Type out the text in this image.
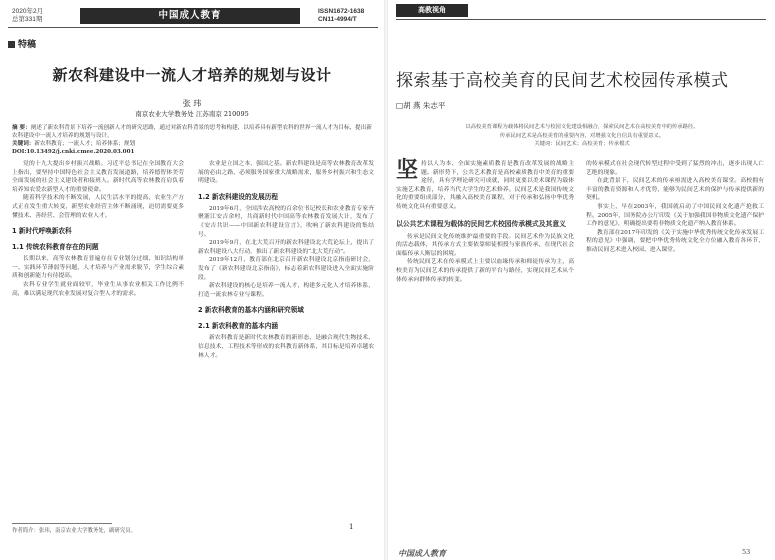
2020年2月
总第331期	中国成人教育	ISSN1672-1638
CN11-4994/T
特稿
新农科建设中一流人才培养的规划与设计
张 玮
南京农业大学教务处 江苏南京 210095
摘 要：阐述了新农科背景下培养一流创新人才的研究思路，通过对新农科背景的思考和构建，以培养具有新型农科的世界一流人才为目标，提出新农科建设中一流人才培养的规划与设计。
关键词：新农科教育；一流人才；培养体系；规划
DOI:10.13492/j.cnki.cmee.2020.03.001

党的十九大提出乡村振兴战略。习近平总书记在全国教育大会上指出，要坚持中国特色社会主义教育发展道路，培养德智体美劳全面发展的社会主义建设者和接班人。新时代高等农林教育肩负着培养知农爱农新型人才的重要使命。

随着科学技术的不断发展，人民生活水平的提高，农业生产方式正在发生重大转变，新型农业经营主体不断涌现，迫切需要更多懂技术、善经营、会管理的农业人才。

1 新时代呼唤新农科
1.1 传统农科教育存在的问题

长期以来，高等农林教育普遍存在专业划分过细、知识结构单一、实践环节薄弱等问题，人才培养与产业需求脱节，学生综合素质和创新能力有待提高。

农科专业学生就业面较窄，毕业生从事农业相关工作比例不高，难以满足现代农业发展对复合型人才的需求。

农业是立国之本，强国之基。新农科建设是高等农林教育改革发展的必由之路，必须服务国家重大战略需求，服务乡村振兴和生态文明建设。

1.2 新农科建设的发展历程

2019年6月，全国涉农高校的百余位书记校长和农业教育专家齐聚浙江安吉余村，共商新时代中国高等农林教育发展大计，发布了《安吉共识——中国新农科建设宣言》，吹响了新农科建设的集结号。

2019年9月，在北大荒召开的新农科建设北大荒论坛上，提出了新农科建设八大行动，推出了新农科建设的“北大荒行动”。

2019年12月，教育部在北京召开新农科建设北京指南研讨会，发布了《新农科建设北京指南》，标志着新农科建设进入全面实施阶段。

新农科建设的核心是培养一流人才，构建多元化人才培养体系，打造一流农林专业与课程。

2 新农科教育的基本内涵和研究领域
2.1 新农科教育的基本内涵

新农科教育是新时代农林教育的新形态，是融合现代生物技术、信息技术、工程技术等形成的农科教育新体系，其目标是培养卓越农林人才。

作者简介：张玮，南京农业大学教务处，副研究员。	1
高教视角
探索基于高校美育的民间艺术校园传承模式
□胡 燕 朱志平
以高校美育课程为载体将民间艺术与校园文化建设相融合，探索民间艺术在高校美育中的传承路径。
传承民间艺术是高校美育的重要内容，对增强文化自信具有重要意义。
关键词：民间艺术；高校美育；传承模式
坚持以人为本、全面实施素质教育是教育改革发展的战略主题。新形势下，公共艺术教育是高校素质教育中美育的重要途径，具有学理论研究可成就，同时更要以美术课程为载体实施艺术教育，培养当代大学生的艺术修养。民间艺术是我国传统文化的重要组成部分，其融入高校美育课程，对于传承和弘扬中华优秀传统文化具有重要意义。
以公共艺术课程为载体的民间艺术校园传承模式及其意义

传承是民间文化传统维护最重要的手段。民间艺术作为民族文化的活态载体，其传承方式主要依靠师徒相授与家族传承，在现代社会面临传承人断层的困境。

传统民间艺术在传承模式上主要以血缘传承和师徒传承为主，高校美育为民间艺术的传承提供了新的平台与路径，实现民间艺术从个体传承向群体传承的转变。

的传承模式在社会现代转型过程中受到了猛烈的冲击，逐步出现人亡艺绝的现象。

在此背景下，民间艺术的传承亟需进入高校美育课堂。高校拥有丰富的教育资源和人才优势，能够为民间艺术的保护与传承提供新的契机。

事实上，早在2003年，我国就启动了中国民间文化遗产抢救工程。2005年，国务院办公厅印发《关于加强我国非物质文化遗产保护工作的意见》，明确提出要将非物质文化遗产纳入教育体系。

教育部在2017年印发的《关于实施中华优秀传统文化传承发展工程的意见》中强调，要把中华优秀传统文化全方位融入教育各环节，推动民间艺术进入校园、进入课堂。

中国成人教育	53
